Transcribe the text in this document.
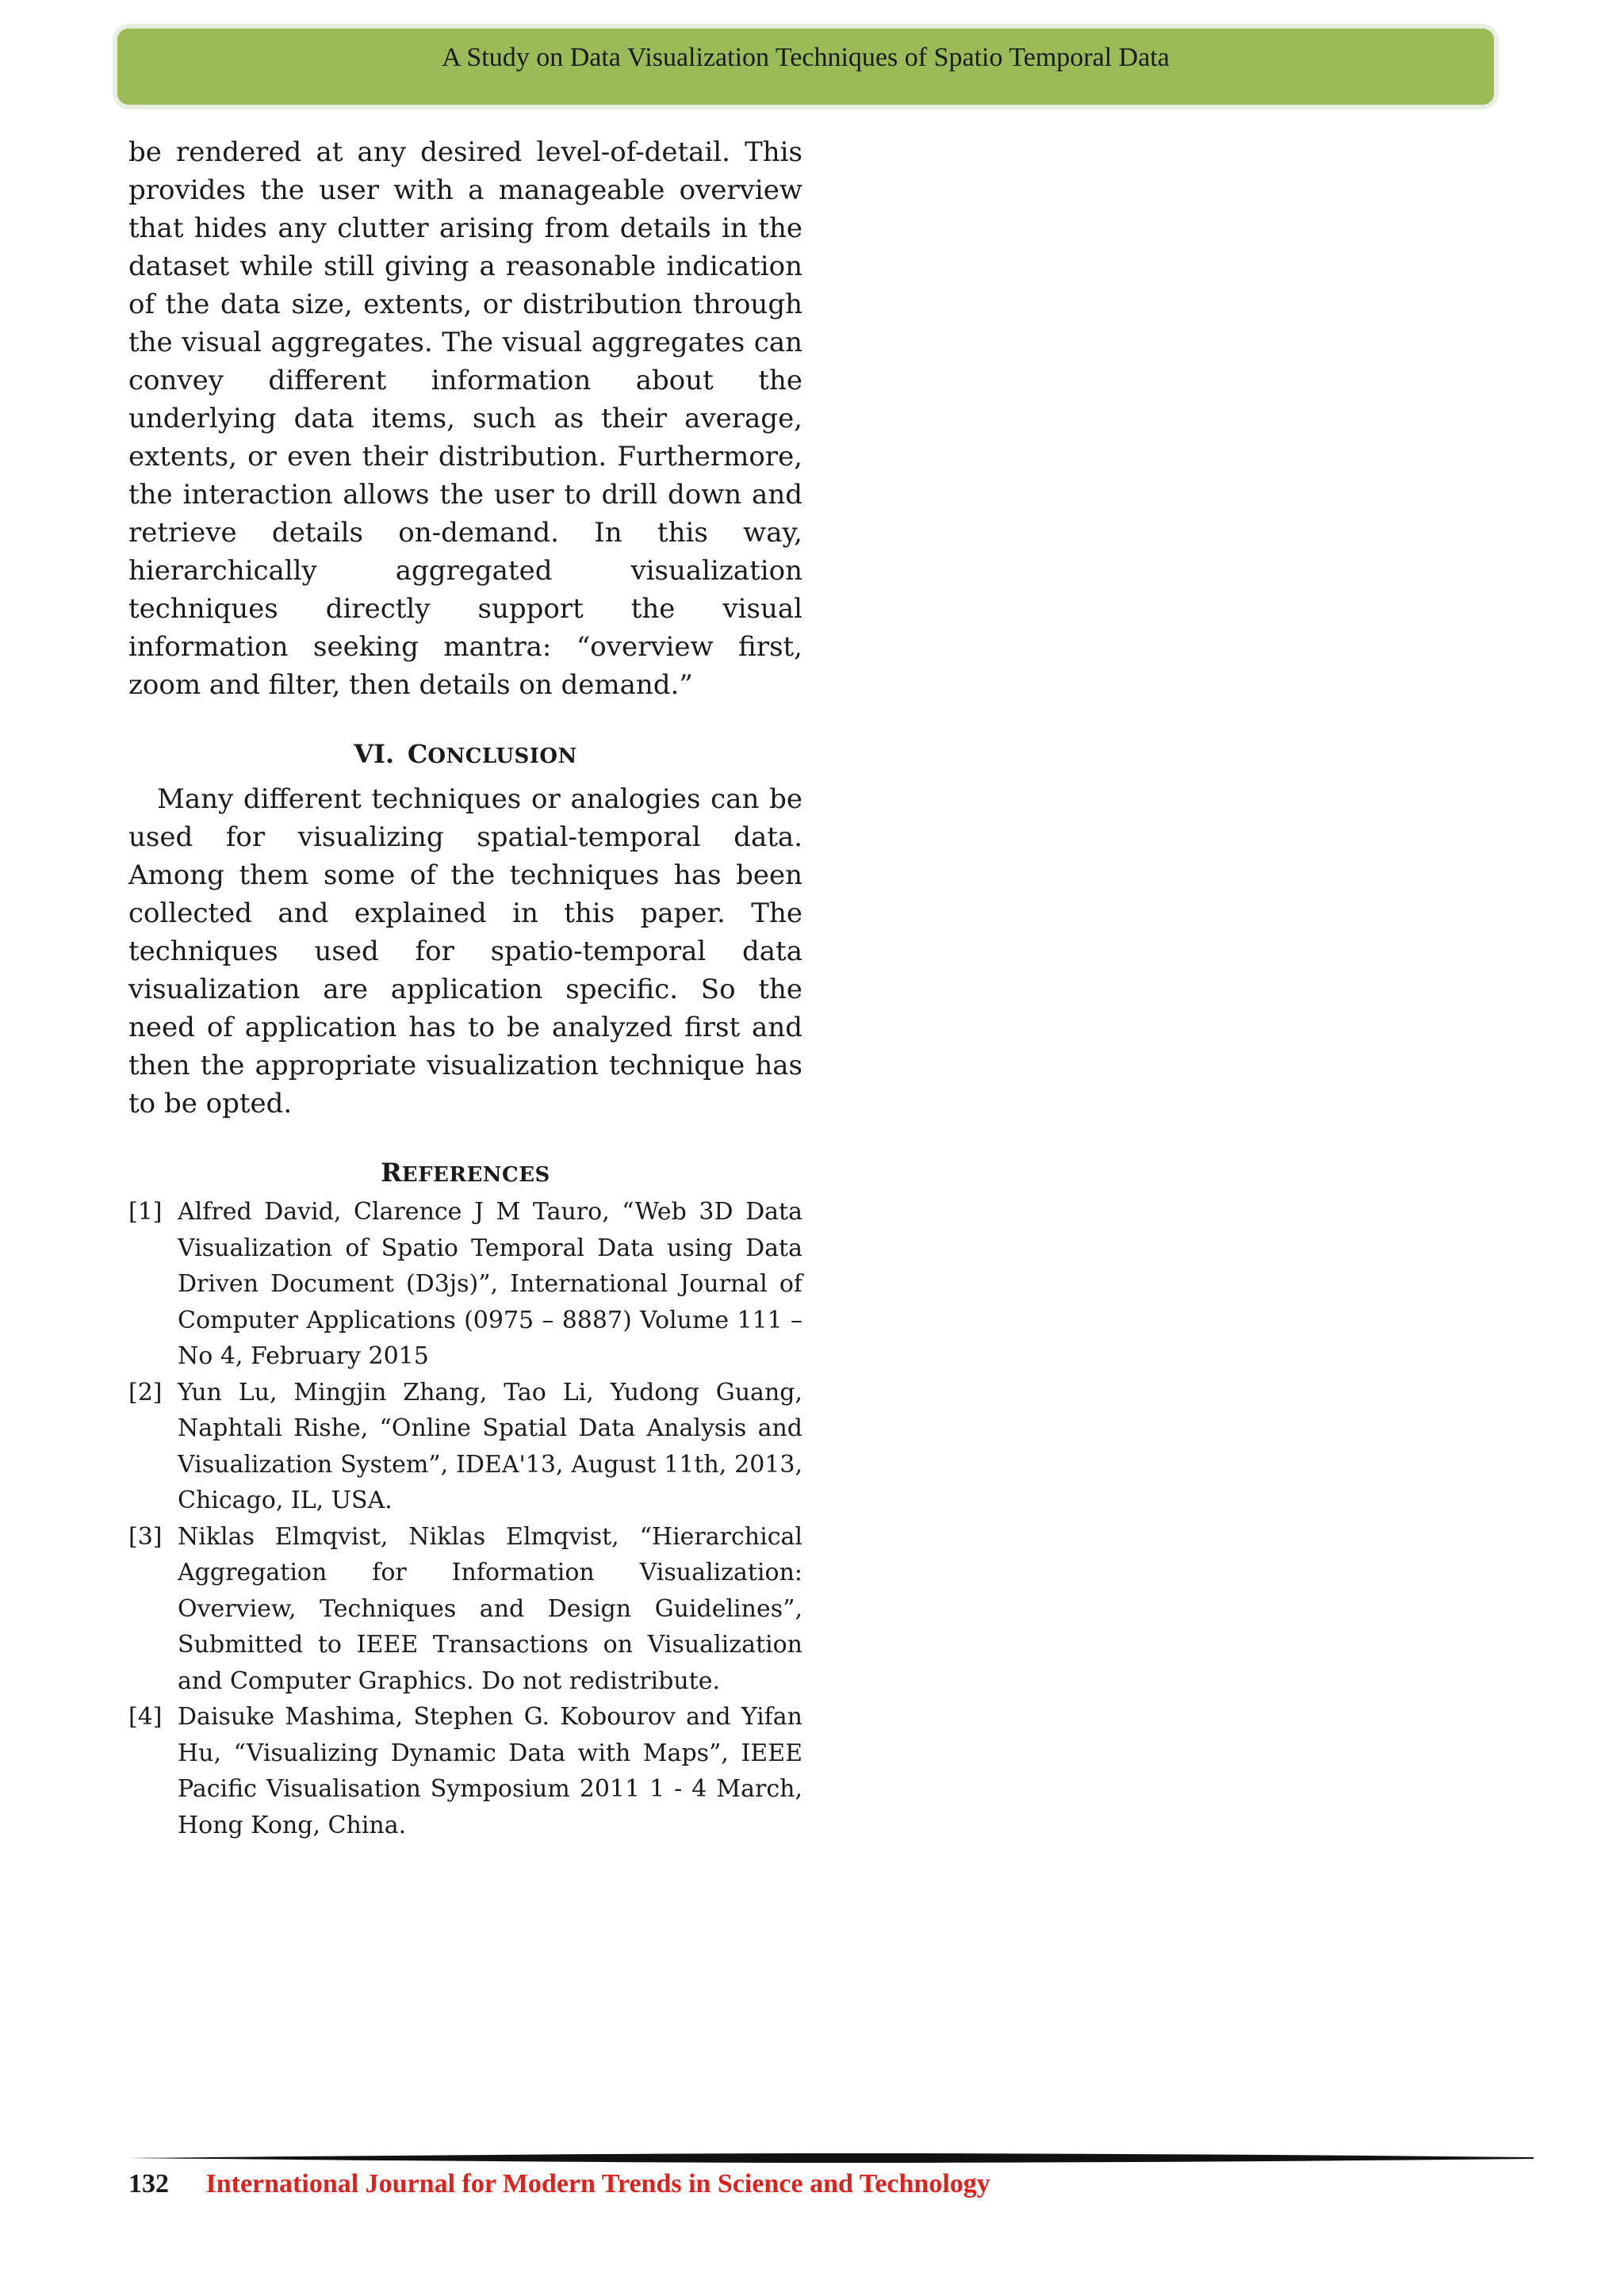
A Study on Data Visualization Techniques of Spatio Temporal Data

be rendered at any desired level-of-detail. This provides the user with a manageable overview that hides any clutter arising from details in the dataset while still giving a reasonable indication of the data size, extents, or distribution through the visual aggregates. The visual aggregates can convey different information about the underlying data items, such as their average, extents, or even their distribution. Furthermore, the interaction allows the user to drill down and retrieve details on-demand. In this way, hierarchically aggregated visualization techniques directly support the visual information seeking mantra: “overview first, zoom and filter, then details on demand.”

VI. CONCLUSION

Many different techniques or analogies can be used for visualizing spatial-temporal data. Among them some of the techniques has been collected and explained in this paper. The techniques used for spatio-temporal data visualization are application specific. So the need of application has to be analyzed first and then the appropriate visualization technique has to be opted.

REFERENCES
[1] Alfred David, Clarence J M Tauro, “Web 3D Data Visualization of Spatio Temporal Data using Data Driven Document (D3js)”, International Journal of Computer Applications (0975 – 8887) Volume 111 – No 4, February 2015
[2] Yun Lu, Mingjin Zhang, Tao Li, Yudong Guang, Naphtali Rishe, “Online Spatial Data Analysis and Visualization System”, IDEA'13, August 11th, 2013, Chicago, IL, USA.
[3] Niklas Elmqvist, Niklas Elmqvist, “Hierarchical Aggregation for Information Visualization: Overview, Techniques and Design Guidelines”, Submitted to IEEE Transactions on Visualization and Computer Graphics. Do not redistribute.
[4] Daisuke Mashima, Stephen G. Kobourov and Yifan Hu, “Visualizing Dynamic Data with Maps”, IEEE Pacific Visualisation Symposium 2011 1 - 4 March, Hong Kong, China.
132 International Journal for Modern Trends in Science and Technology
